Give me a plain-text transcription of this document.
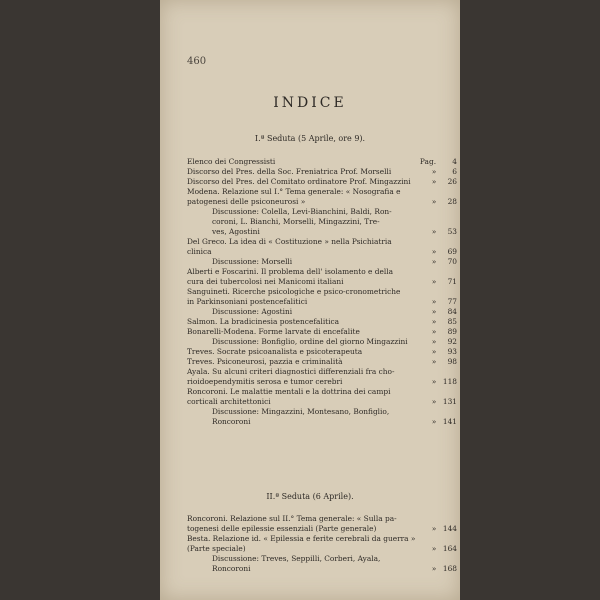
460
INDICE
I.ª Seduta (5 Aprile, ore 9).
Elenco dei Congressisti	Pag.	4
Discorso del Pres. della Soc. Freniatrica Prof. Morselli	»	6
Discorso del Pres. del Comitato ordinatore Prof. Mingazzini	»	26
Modena. Relazione sul I.° Tema generale: « Nosografia e
patogenesi delle psiconeurosi »	»	28
Discussione: Colella, Levi-Bianchini, Baldi, Ron-
coroni, L. Bianchi, Morselli, Mingazzini, Tre-
ves, Agostini	»	53
Del Greco. La idea di « Costituzione » nella Psichiatria
clinica	»	69
Discussione: Morselli	»	70
Alberti e Foscarini. Il problema dell' isolamento e della
cura dei tubercolosi nei Manicomi italiani	»	71
Sanguineti. Ricerche psicologiche e psico-cronometriche
in Parkinsoniani postencefalitici	»	77
Discussione: Agostini	»	84
Salmon. La bradicinesia postencefalitica	»	85
Bonarelli-Modena. Forme larvate di encefalite	»	89
Discussione: Bonfiglio, ordine del giorno Mingazzini	»	92
Treves. Socrate psicoanalista e psicoterapeuta	»	93
Treves. Psiconeurosi, pazzia e criminalità	»	98
Ayala. Su alcuni criteri diagnostici differenziali fra cho-
rioidoependymitis serosa e tumor cerebri	» 118
Roncoroni. Le malattie mentali e la dottrina dei campi
corticali architettonici	» 131
Discussione: Mingazzini, Montesano, Bonfiglio,
Roncoroni	» 141
II.ª Seduta (6 Aprile).
Roncoroni. Relazione sul II.° Tema generale: « Sulla pa-
togenesi delle epilessie essenziali (Parte generale)	» 144
Besta. Relazione id. « Epilessia e ferite cerebrali da guerra »
(Parte speciale)	» 164
Discussione: Treves, Seppilli, Corberi, Ayala,
Roncoroni	» 168
